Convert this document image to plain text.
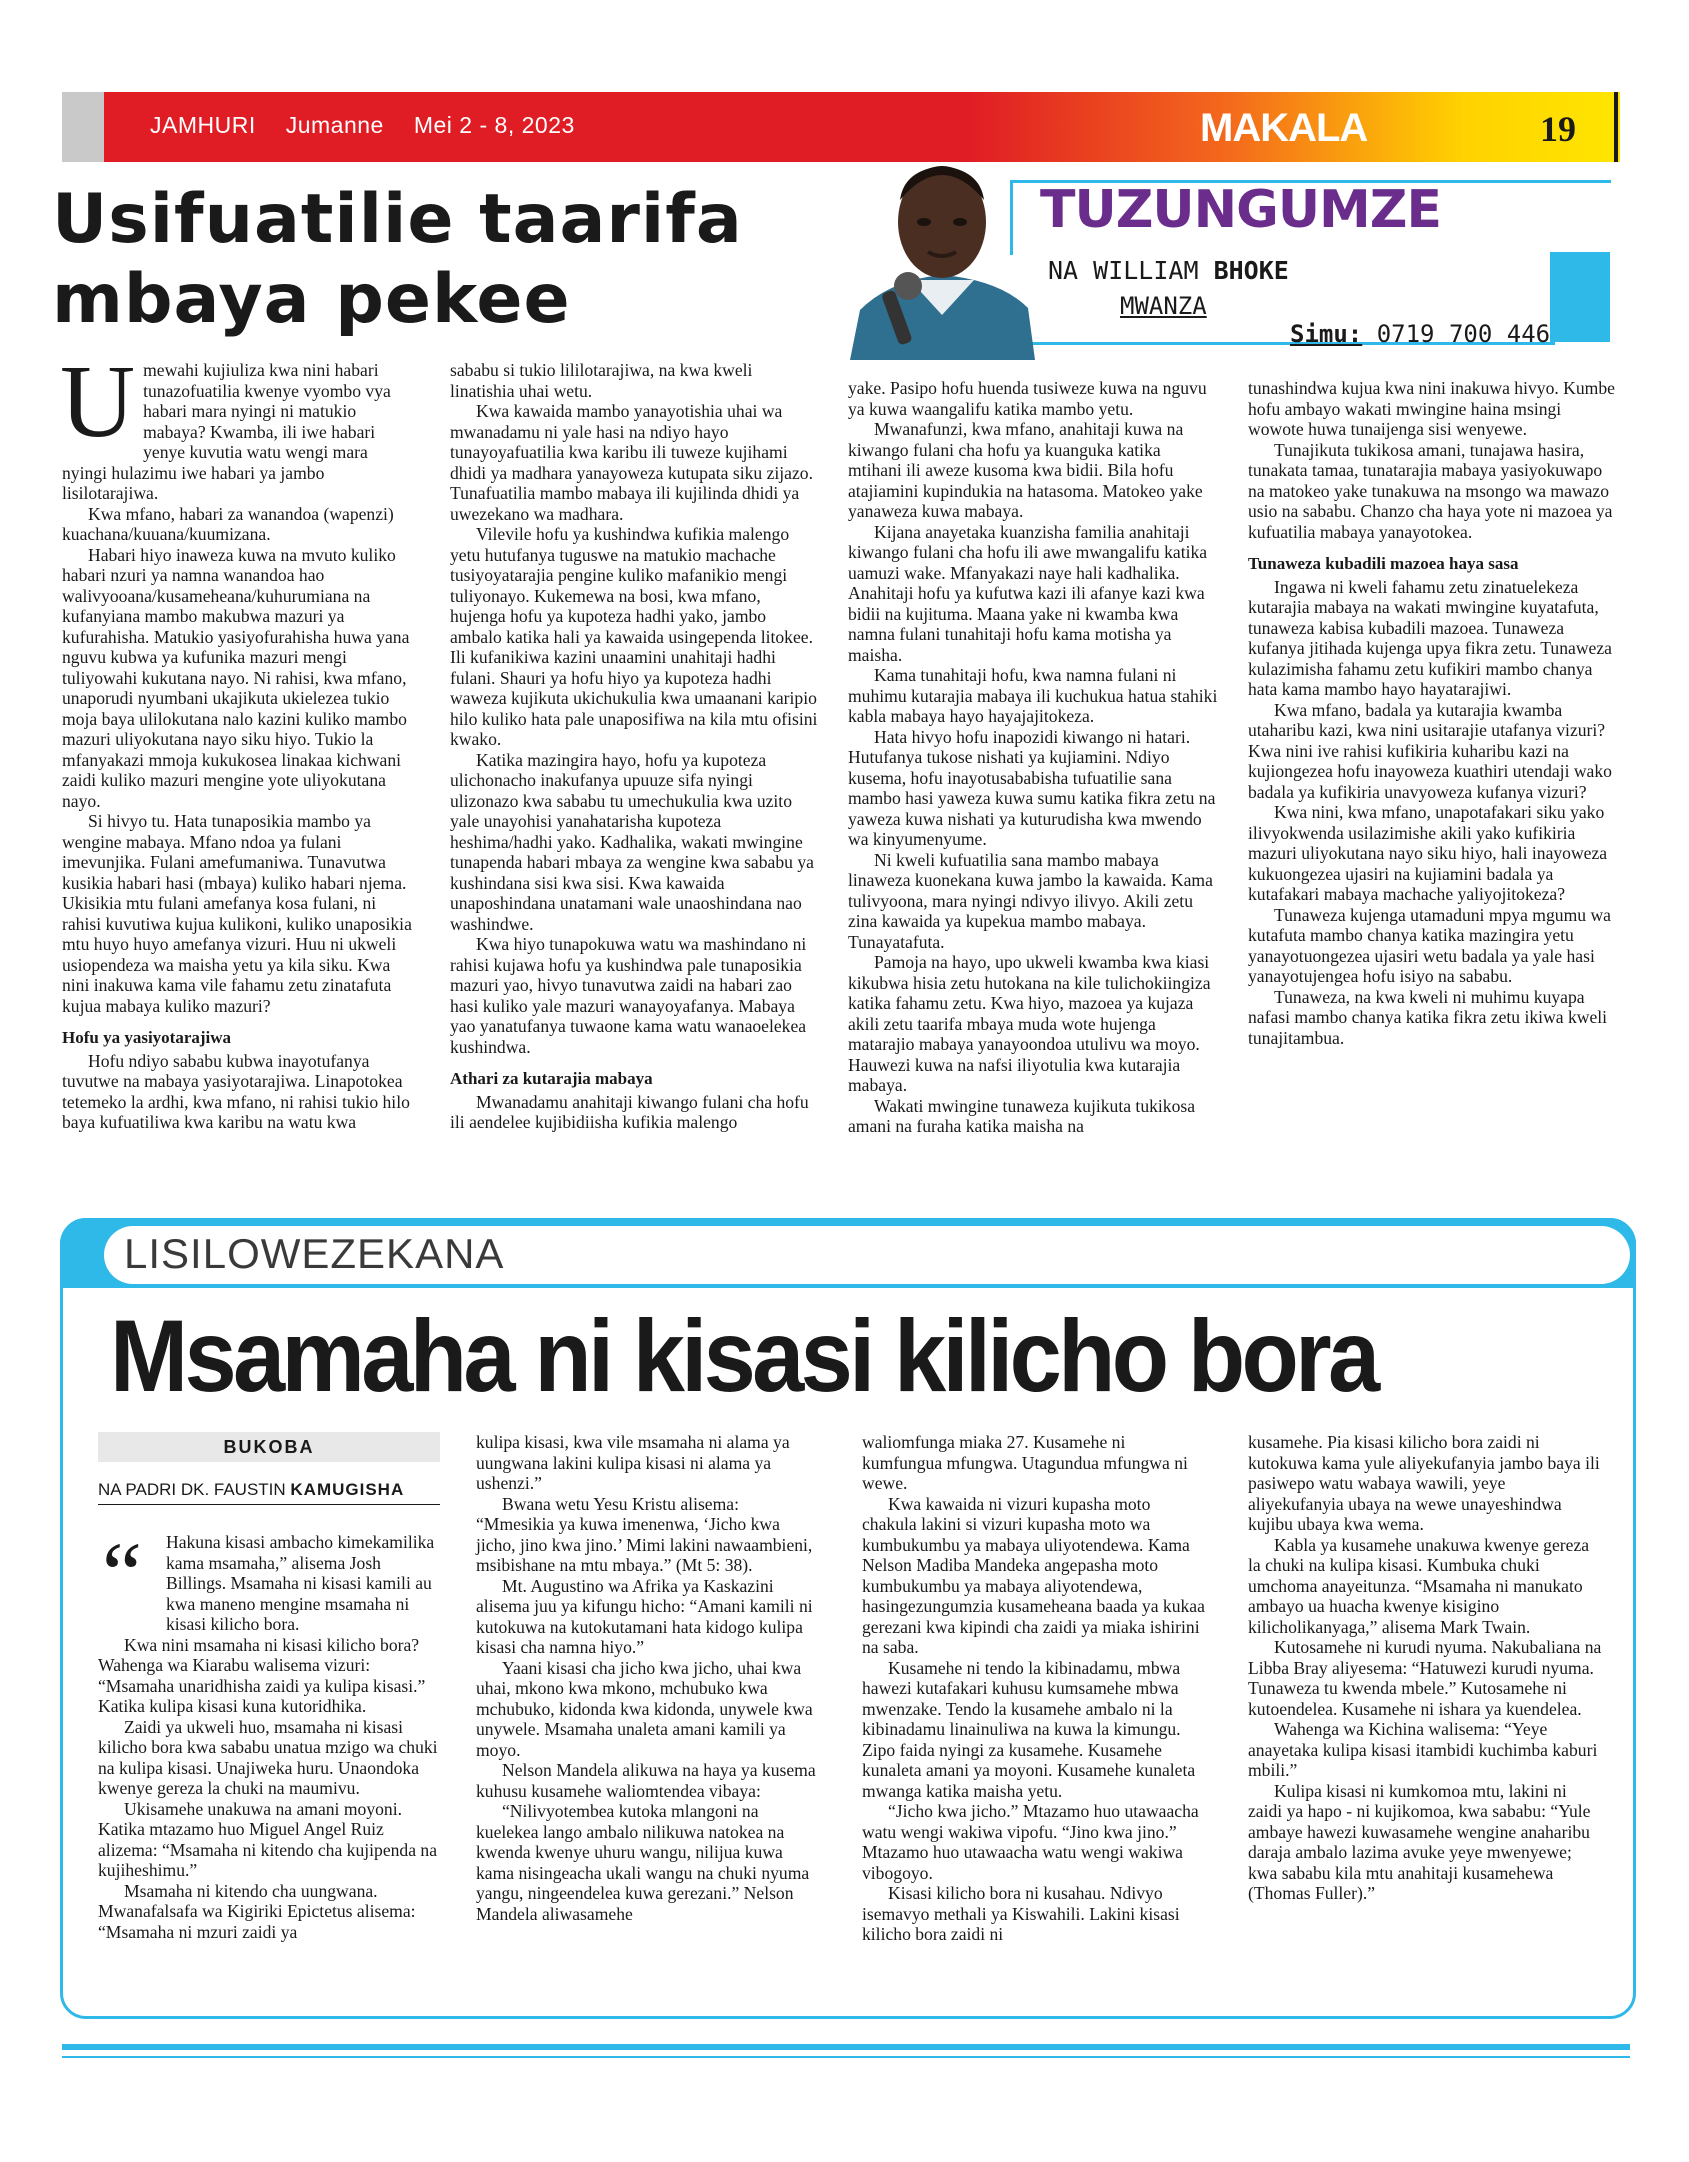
JAMHURI Jumanne Mei 2 - 8, 2023	MAKALA	19
Usifuatilie taarifa mbaya pekee
TUZUNGUMZE
NA WILLIAM BHOKE
MWANZA
Simu: 0719 700 446
U mewahi kujiuliza kwa nini habari tunazofuatilia kwenye vyombo vya habari mara nyingi ni matukio mabaya? Kwamba, ili iwe habari yenye kuvutia watu wengi mara nyingi hulazimu iwe habari ya jambo lisilotarajiwa.

Kwa mfano, habari za wanandoa (wapenzi) kuachana/kuuana/kuumizana.

Habari hiyo inaweza kuwa na mvuto kuliko habari nzuri ya namna wanandoa hao walivyooana/kusameheana/kuhurumiana na kufanyiana mambo makubwa mazuri ya kufurahisha. Matukio yasiyofurahisha huwa yana nguvu kubwa ya kufunika mazuri mengi tuliyowahi kukutana nayo. Ni rahisi, kwa mfano, unaporudi nyumbani ukajikuta ukielezea tukio moja baya ulilokutana nalo kazini kuliko mambo mazuri uliyokutana nayo siku hiyo. Tukio la mfanyakazi mmoja kukukosea linakaa kichwani zaidi kuliko mazuri mengine yote uliyokutana nayo.

Si hivyo tu. Hata tunaposikia mambo ya wengine mabaya. Mfano ndoa ya fulani imevunjika. Fulani amefumaniwa. Tunavutwa kusikia habari hasi (mbaya) kuliko habari njema. Ukisikia mtu fulani amefanya kosa fulani, ni rahisi kuvutiwa kujua kulikoni, kuliko unaposikia mtu huyo huyo amefanya vizuri. Huu ni ukweli usiopendeza wa maisha yetu ya kila siku. Kwa nini inakuwa kama vile fahamu zetu zinatafuta kujua mabaya kuliko mazuri?

Hofu ya yasiyotarajiwa

Hofu ndiyo sababu kubwa inayotufanya tuvutwe na mabaya yasiyotarajiwa. Linapotokea tetemeko la ardhi, kwa mfano, ni rahisi tukio hilo baya kufuatiliwa kwa karibu na watu kwa

sababu si tukio lililotarajiwa, na kwa kweli linatishia uhai wetu.

Kwa kawaida mambo yanayotishia uhai wa mwanadamu ni yale hasi na ndiyo hayo tunayoyafuatilia kwa karibu ili tuweze kujihami dhidi ya madhara yanayoweza kutupata siku zijazo. Tunafuatilia mambo mabaya ili kujilinda dhidi ya uwezekano wa madhara.

Vilevile hofu ya kushindwa kufikia malengo yetu hutufanya tuguswe na matukio machache tusiyoyatarajia pengine kuliko mafanikio mengi tuliyonayo. Kukemewa na bosi, kwa mfano, hujenga hofu ya kupoteza hadhi yako, jambo ambalo katika hali ya kawaida usingependa litokee. Ili kufanikiwa kazini unaamini unahitaji hadhi fulani. Shauri ya hofu hiyo ya kupoteza hadhi waweza kujikuta ukichukulia kwa umaanani karipio hilo kuliko hata pale unaposifiwa na kila mtu ofisini kwako.

Katika mazingira hayo, hofu ya kupoteza ulichonacho inakufanya upuuze sifa nyingi ulizonazo kwa sababu tu umechukulia kwa uzito yale unayohisi yanahatarisha kupoteza heshima/hadhi yako. Kadhalika, wakati mwingine tunapenda habari mbaya za wengine kwa sababu ya kushindana sisi kwa sisi. Kwa kawaida unaposhindana unatamani wale unaoshindana nao washindwe.

Kwa hiyo tunapokuwa watu wa mashindano ni rahisi kujawa hofu ya kushindwa pale tunaposikia mazuri yao, hivyo tunavutwa zaidi na habari zao hasi kuliko yale mazuri wanayoyafanya. Mabaya yao yanatufanya tuwaone kama watu wanaoelekea kushindwa.

Athari za kutarajia mabaya

Mwanadamu anahitaji kiwango fulani cha hofu ili aendelee kujibidiisha kufikia malengo

yake. Pasipo hofu huenda tusiweze kuwa na nguvu ya kuwa waangalifu katika mambo yetu.

Mwanafunzi, kwa mfano, anahitaji kuwa na kiwango fulani cha hofu ya kuanguka katika mtihani ili aweze kusoma kwa bidii. Bila hofu atajiamini kupindukia na hatasoma. Matokeo yake yanaweza kuwa mabaya.

Kijana anayetaka kuanzisha familia anahitaji kiwango fulani cha hofu ili awe mwangalifu katika uamuzi wake. Mfanyakazi naye hali kadhalika. Anahitaji hofu ya kufutwa kazi ili afanye kazi kwa bidii na kujituma. Maana yake ni kwamba kwa namna fulani tunahitaji hofu kama motisha ya maisha.

Kama tunahitaji hofu, kwa namna fulani ni muhimu kutarajia mabaya ili kuchukua hatua stahiki kabla mabaya hayo hayajajitokeza.

Hata hivyo hofu inapozidi kiwango ni hatari. Hutufanya tukose nishati ya kujiamini. Ndiyo kusema, hofu inayotusababisha tufuatilie sana mambo hasi yaweza kuwa sumu katika fikra zetu na yaweza kuwa nishati ya kuturudisha kwa mwendo wa kinyumenyume.

Ni kweli kufuatilia sana mambo mabaya linaweza kuonekana kuwa jambo la kawaida. Kama tulivyoona, mara nyingi ndivyo ilivyo. Akili zetu zina kawaida ya kupekua mambo mabaya. Tunayatafuta.

Pamoja na hayo, upo ukweli kwamba kwa kiasi kikubwa hisia zetu hutokana na kile tulichokiingiza katika fahamu zetu. Kwa hiyo, mazoea ya kujaza akili zetu taarifa mbaya muda wote hujenga matarajio mabaya yanayoondoa utulivu wa moyo. Hauwezi kuwa na nafsi iliyotulia kwa kutarajia mabaya.

Wakati mwingine tunaweza kujikuta tukikosa amani na furaha katika maisha na

tunashindwa kujua kwa nini inakuwa hivyo. Kumbe hofu ambayo wakati mwingine haina msingi wowote huwa tunaijenga sisi wenyewe.

Tunajikuta tukikosa amani, tunajawa hasira, tunakata tamaa, tunatarajia mabaya yasiyokuwapo na matokeo yake tunakuwa na msongo wa mawazo usio na sababu. Chanzo cha haya yote ni mazoea ya kufuatilia mabaya yanayotokea.

Tunaweza kubadili mazoea haya sasa

Ingawa ni kweli fahamu zetu zinatuelekeza kutarajia mabaya na wakati mwingine kuyatafuta, tunaweza kabisa kubadili mazoea. Tunaweza kufanya jitihada kujenga upya fikra zetu. Tunaweza kulazimisha fahamu zetu kufikiri mambo chanya hata kama mambo hayo hayatarajiwi.

Kwa mfano, badala ya kutarajia kwamba utaharibu kazi, kwa nini usitarajie utafanya vizuri? Kwa nini ive rahisi kufikiria kuharibu kazi na kujiongezea hofu inayoweza kuathiri utendaji wako badala ya kufikiria unavyoweza kufanya vizuri?

Kwa nini, kwa mfano, unapotafakari siku yako ilivyokwenda usilazimishe akili yako kufikiria mazuri uliyokutana nayo siku hiyo, hali inayoweza kukuongezea ujasiri na kujiamini badala ya kutafakari mabaya machache yaliyojitokeza?

Tunaweza kujenga utamaduni mpya mgumu wa kutafuta mambo chanya katika mazingira yetu yanayotuongezea ujasiri wetu badala ya yale hasi yanayotujengea hofu isiyo na sababu.

Tunaweza, na kwa kweli ni muhimu kuyapa nafasi mambo chanya katika fikra zetu ikiwa kweli tunajitambua.

LISILOWEZEKANA
Msamaha ni kisasi kilicho bora
BUKOBA
NA PADRI DK. FAUSTIN KAMUGISHA
“	Hakuna kisasi ambacho kimekamilika kama msamaha,” alisema Josh Billings. Msamaha ni kisasi kamili au kwa maneno mengine msamaha ni kisasi kilicho bora.

Kwa nini msamaha ni kisasi kilicho bora? Wahenga wa Kiarabu walisema vizuri: “Msamaha unaridhisha zaidi ya kulipa kisasi.” Katika kulipa kisasi kuna kutoridhika.

Zaidi ya ukweli huo, msamaha ni kisasi kilicho bora kwa sababu unatua mzigo wa chuki na kulipa kisasi. Unajiweka huru. Unaondoka kwenye gereza la chuki na maumivu.

Ukisamehe unakuwa na amani moyoni. Katika mtazamo huo Miguel Angel Ruiz alizema: “Msamaha ni kitendo cha kujipenda na kujiheshimu.”

Msamaha ni kitendo cha uungwana. Mwanafalsafa wa Kigiriki Epictetus alisema: “Msamaha ni mzuri zaidi ya

kulipa kisasi, kwa vile msamaha ni alama ya uungwana lakini kulipa kisasi ni alama ya ushenzi.”

Bwana wetu Yesu Kristu alisema: “Mmesikia ya kuwa imenenwa, ‘Jicho kwa jicho, jino kwa jino.’ Mimi lakini nawaambieni, msibishane na mtu mbaya.” (Mt 5: 38).

Mt. Augustino wa Afrika ya Kaskazini alisema juu ya kifungu hicho: “Amani kamili ni kutokuwa na kutokutamani hata kidogo kulipa kisasi cha namna hiyo.”

Yaani kisasi cha jicho kwa jicho, uhai kwa uhai, mkono kwa mkono, mchubuko kwa mchubuko, kidonda kwa kidonda, unywele kwa unywele. Msamaha unaleta amani kamili ya moyo.

Nelson Mandela alikuwa na haya ya kusema kuhusu kusamehe waliomtendea vibaya:

“Nilivyotembea kutoka mlangoni na kuelekea lango ambalo nilikuwa natokea na kwenda kwenye uhuru wangu, nilijua kuwa kama nisingeacha ukali wangu na chuki nyuma yangu, ningeendelea kuwa gerezani.” Nelson Mandela aliwasamehe

waliomfunga miaka 27. Kusamehe ni kumfungua mfungwa. Utagundua mfungwa ni wewe.

Kwa kawaida ni vizuri kupasha moto chakula lakini si vizuri kupasha moto wa kumbukumbu ya mabaya uliyotendewa. Kama Nelson Madiba Mandeka angepasha moto kumbukumbu ya mabaya aliyotendewa, hasingezungumzia kusameheana baada ya kukaa gerezani kwa kipindi cha zaidi ya miaka ishirini na saba.

Kusamehe ni tendo la kibinadamu, mbwa hawezi kutafakari kuhusu kumsamehe mbwa mwenzake. Tendo la kusamehe ambalo ni la kibinadamu linainuliwa na kuwa la kimungu. Zipo faida nyingi za kusamehe. Kusamehe kunaleta amani ya moyoni. Kusamehe kunaleta mwanga katika maisha yetu.

“Jicho kwa jicho.” Mtazamo huo utawaacha watu wengi wakiwa vipofu. “Jino kwa jino.” Mtazamo huo utawaacha watu wengi wakiwa vibogoyo.

Kisasi kilicho bora ni kusahau. Ndivyo isemavyo methali ya Kiswahili. Lakini kisasi kilicho bora zaidi ni

kusamehe. Pia kisasi kilicho bora zaidi ni kutokuwa kama yule aliyekufanyia jambo baya ili pasiwepo watu wabaya wawili, yeye aliyekufanyia ubaya na wewe unayeshindwa kujibu ubaya kwa wema.

Kabla ya kusamehe unakuwa kwenye gereza la chuki na kulipa kisasi. Kumbuka chuki umchoma anayeitunza. “Msamaha ni manukato ambayo ua huacha kwenye kisigino kilicholikanyaga,” alisema Mark Twain.

Kutosamehe ni kurudi nyuma. Nakubaliana na Libba Bray aliyesema: “Hatuwezi kurudi nyuma. Tunaweza tu kwenda mbele.” Kutosamehe ni kutoendelea. Kusamehe ni ishara ya kuendelea.

Wahenga wa Kichina walisema: “Yeye anayetaka kulipa kisasi itambidi kuchimba kaburi mbili.”

Kulipa kisasi ni kumkomoa mtu, lakini ni zaidi ya hapo - ni kujikomoa, kwa sababu: “Yule ambaye hawezi kuwasamehe wengine anaharibu daraja ambalo lazima avuke yeye mwenyewe; kwa sababu kila mtu anahitaji kusamehewa (Thomas Fuller).”
